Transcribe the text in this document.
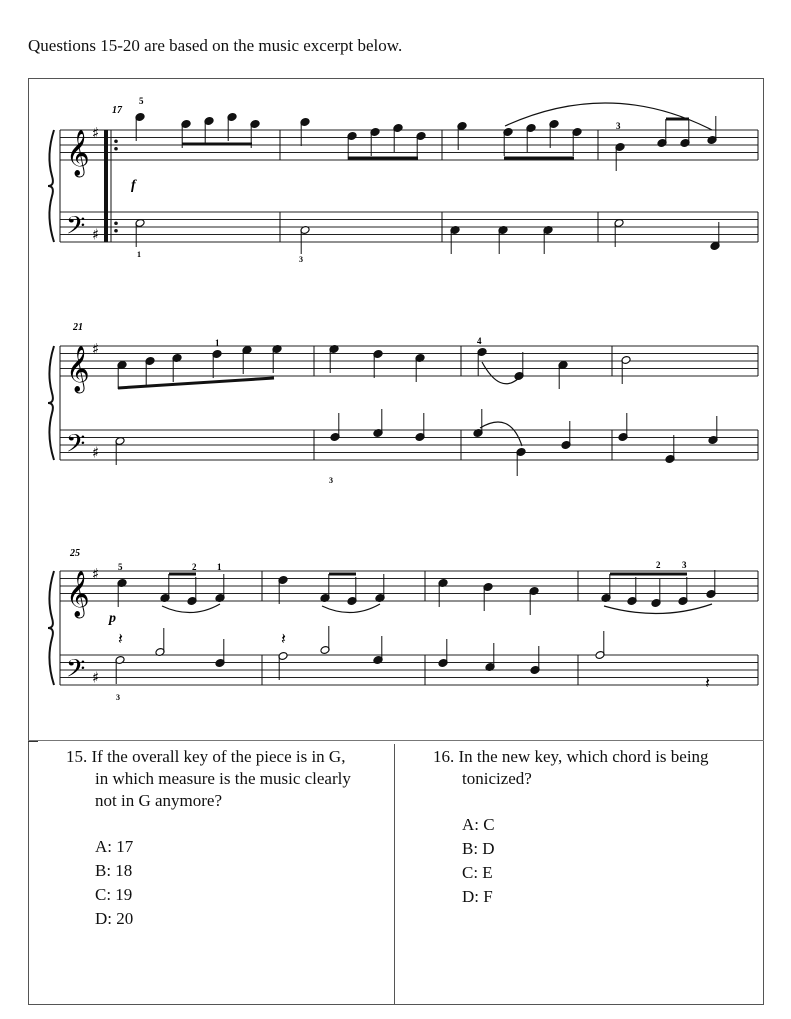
Questions 15-20 are based on the music excerpt below.
𝄞 ♯
𝄢 ♯
𝄞 ♯
𝄢 ♯
𝄞 ♯
𝄢 ♯
𝄽	𝄽
𝄽
17
21
25
f
p
5
3
1
3
1	4
3
5	2 1	2 3
3

15. If the overall key of the piece is in G,
in which measure is the music clearly
not in G anymore?

A: 17
B: 18
C: 19
D: 20

16. In the new key, which chord is being
tonicized?

A: C
B: D
C: E
D: F
